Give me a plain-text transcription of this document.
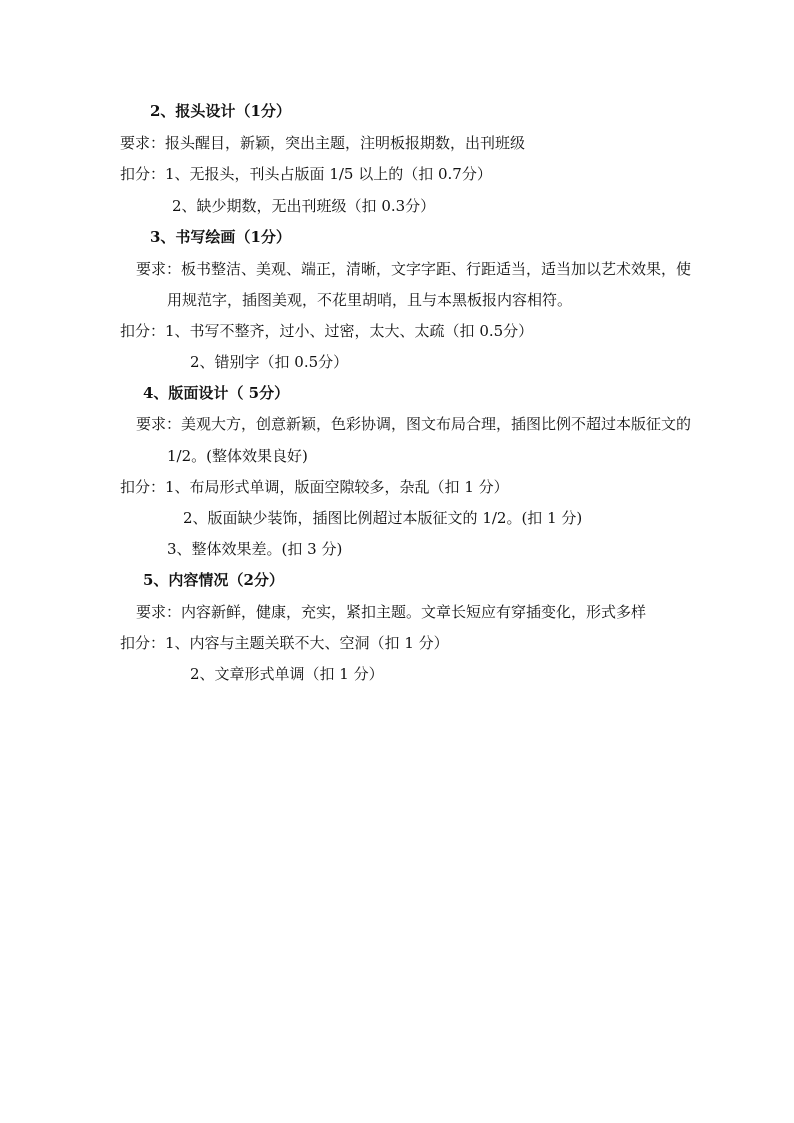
2、报头设计（1分）
要求：报头醒目，新颖，突出主题，注明板报期数，出刊班级
扣分：1、无报头，刊头占版面 1/5 以上的（扣 0.7分）
2、缺少期数，无出刊班级（扣 0.3分）
3、书写绘画（1分）
要求：板书整洁、美观、端正，清晰，文字字距、行距适当，适当加以艺术效果，使
用规范字，插图美观，不花里胡哨，且与本黑板报内容相符。
扣分：1、书写不整齐，过小、过密，太大、太疏（扣 0.5分）
2、错别字（扣 0.5分）
4、版面设计（ 5分）
要求：美观大方，创意新颖，色彩协调，图文布局合理，插图比例不超过本版征文的
1/2。(整体效果良好)
扣分：1、布局形式单调，版面空隙较多，杂乱（扣 1 分）
2、版面缺少装饰，插图比例超过本版征文的 1/2。(扣 1 分)
3、整体效果差。(扣 3 分)
5、内容情况（2分）
要求：内容新鲜，健康，充实，紧扣主题。文章长短应有穿插变化，形式多样
扣分：1、内容与主题关联不大、空洞（扣 1 分）
2、文章形式单调（扣 1 分）
